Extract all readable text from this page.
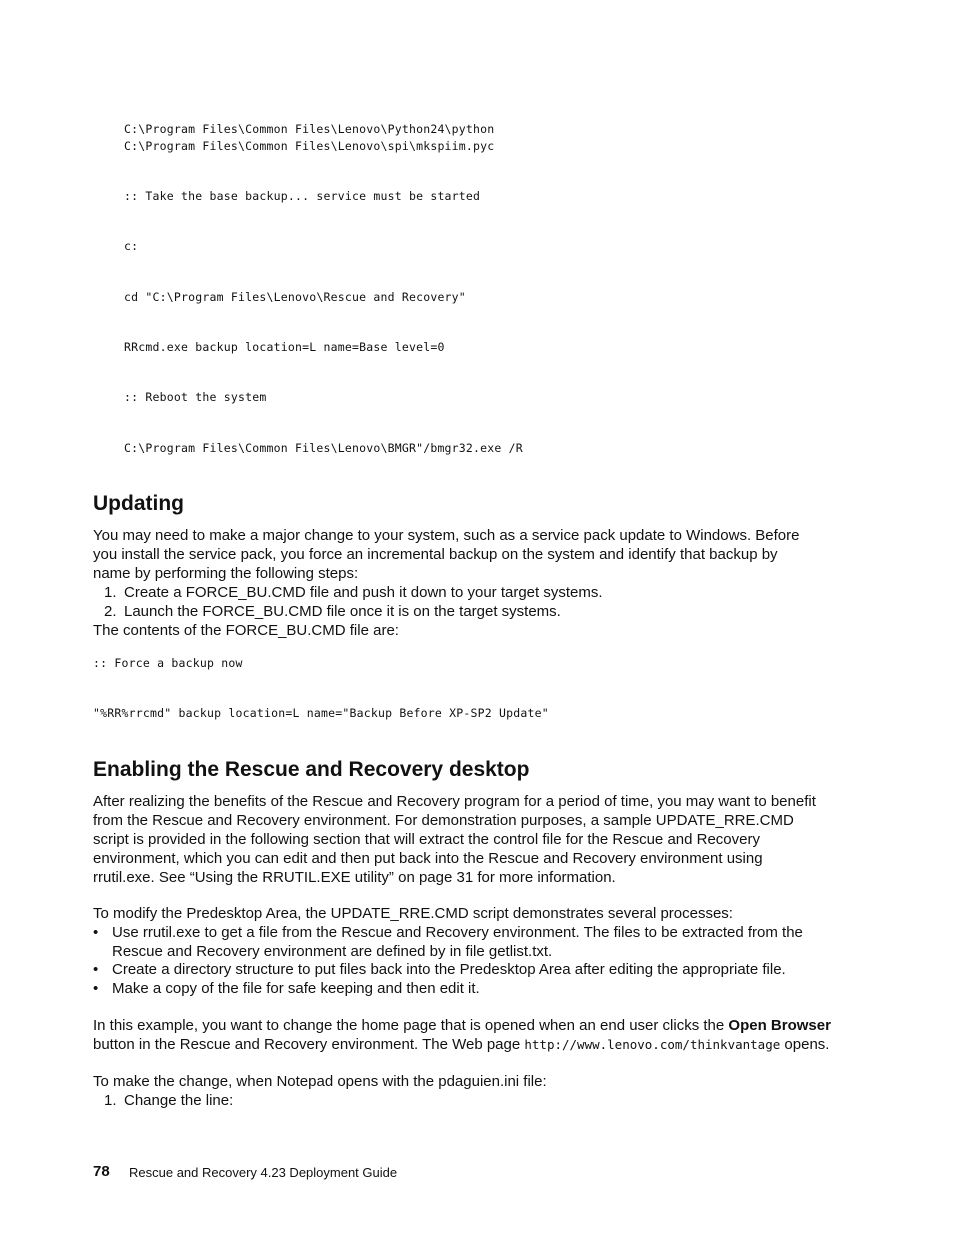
C:\Program Files\Common Files\Lenovo\Python24\python
C:\Program Files\Common Files\Lenovo\spi\mkspiim.pyc
:: Take the base backup... service must be started
c:
cd "C:\Program Files\Lenovo\Rescue and Recovery"
RRcmd.exe backup location=L name=Base level=0
:: Reboot the system
C:\Program Files\Common Files\Lenovo\BMGR"/bmgr32.exe /R
Updating
You may need to make a major change to your system, such as a service pack update to Windows. Before
you install the service pack, you force an incremental backup on the system and identify that backup by
name by performing the following steps:
1. Create a FORCE_BU.CMD file and push it down to your target systems.
2. Launch the FORCE_BU.CMD file once it is on the target systems.
The contents of the FORCE_BU.CMD file are:
:: Force a backup now
"%RR%rrcmd" backup location=L name="Backup Before XP-SP2 Update"
Enabling the Rescue and Recovery desktop
After realizing the benefits of the Rescue and Recovery program for a period of time, you may want to benefit
from the Rescue and Recovery environment. For demonstration purposes, a sample UPDATE_RRE.CMD
script is provided in the following section that will extract the control file for the Rescue and Recovery
environment, which you can edit and then put back into the Rescue and Recovery environment using
rrutil.exe. See “Using the RRUTIL.EXE utility” on page 31 for more information.
To modify the Predesktop Area, the UPDATE_RRE.CMD script demonstrates several processes:
• Use rrutil.exe to get a file from the Rescue and Recovery environment. The files to be extracted from the
Rescue and Recovery environment are defined by in file getlist.txt.
• Create a directory structure to put files back into the Predesktop Area after editing the appropriate file.
• Make a copy of the file for safe keeping and then edit it.
In this example, you want to change the home page that is opened when an end user clicks the Open Browser
button in the Rescue and Recovery environment. The Web page http://www.lenovo.com/thinkvantage opens.
To make the change, when Notepad opens with the pdaguien.ini file:
1. Change the line:
78 Rescue and Recovery 4.23 Deployment Guide
